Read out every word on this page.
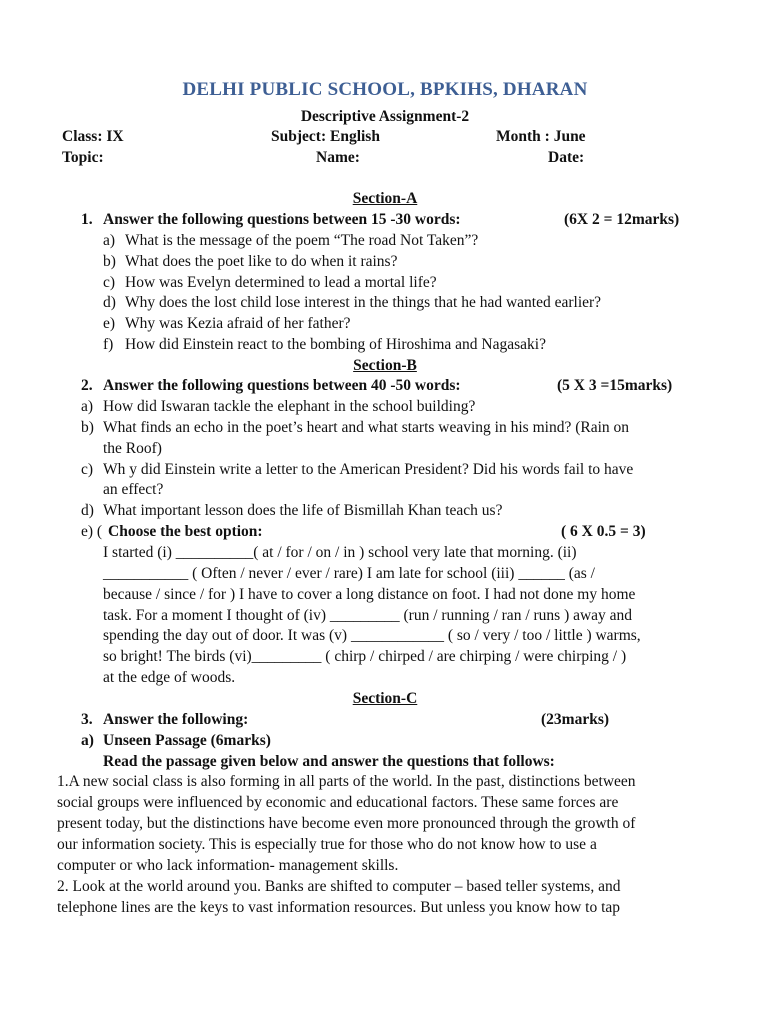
DELHI PUBLIC SCHOOL, BPKIHS, DHARAN
Descriptive Assignment-2
Class: IX	Subject: English	Month : June
Topic:	Name:	Date:
Section-A
1. Answer the following questions between 15 -30 words:	(6X 2 = 12marks)
a) What is the message of the poem “The road Not Taken”?
b) What does the poet like to do when it rains?
c) How was Evelyn determined to lead a mortal life?
d) Why does the lost child lose interest in the things that he had wanted earlier?
e) Why was Kezia afraid of her father?
f) How did Einstein react to the bombing of Hiroshima and Nagasaki?
Section-B
2. Answer the following questions between 40 -50 words:	(5 X 3 =15marks)
a) How did Iswaran tackle the elephant in the school building?
b) What finds an echo in the poet’s heart and what starts weaving in his mind? (Rain on
the Roof)
c) Wh y did Einstein write a letter to the American President? Did his words fail to have
an effect?
d) What important lesson does the life of Bismillah Khan teach us?
e) ( Choose the best option:	( 6 X 0.5 = 3)
I started (i) __________( at / for / on / in ) school very late that morning. (ii)
___________ ( Often / never / ever / rare) I am late for school (iii) ______ (as /
because / since / for ) I have to cover a long distance on foot. I had not done my home
task. For a moment I thought of (iv) _________ (run / running / ran / runs ) away and
spending the day out of door. It was (v) ____________ ( so / very / too / little ) warms,
so bright! The birds (vi)_________ ( chirp / chirped / are chirping / were chirping / )
at the edge of woods.
Section-C
3. Answer the following:	(23marks)
a) Unseen Passage (6marks)
Read the passage given below and answer the questions that follows:
1.A new social class is also forming in all parts of the world. In the past, distinctions between
social groups were influenced by economic and educational factors. These same forces are
present today, but the distinctions have become even more pronounced through the growth of
our information society. This is especially true for those who do not know how to use a
computer or who lack information- management skills.
2. Look at the world around you. Banks are shifted to computer – based teller systems, and
telephone lines are the keys to vast information resources. But unless you know how to tap
